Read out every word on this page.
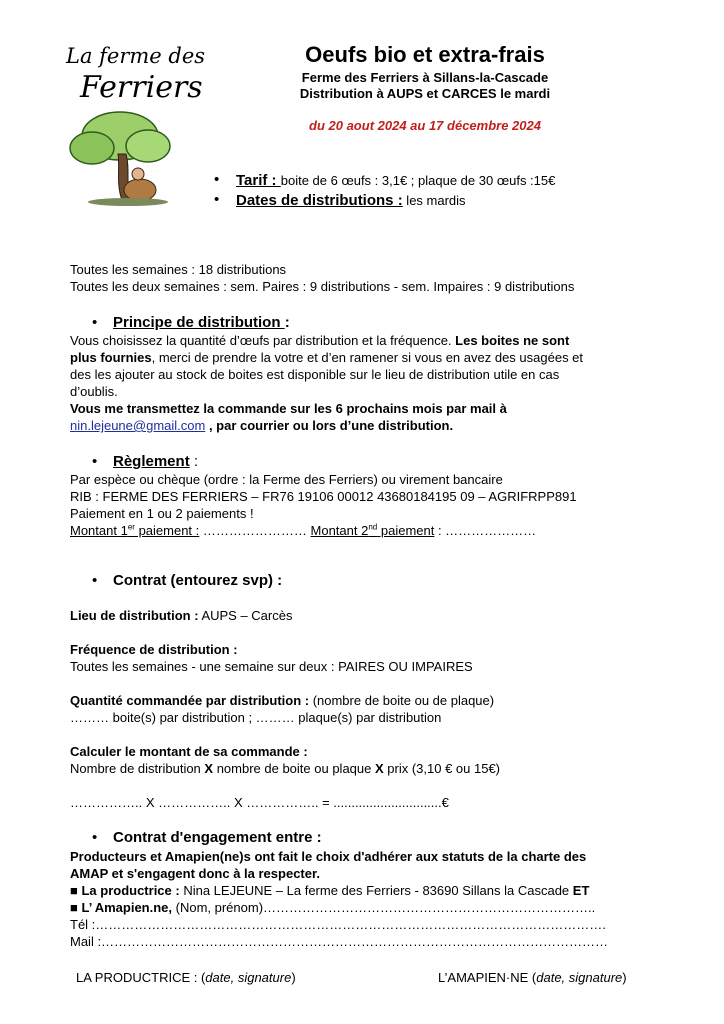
La ferme des
Ferriers
Oeufs bio et extra-frais
Ferme des Ferriers à Sillans-la-Cascade
Distribution à AUPS et CARCES le mardi
du 20 aout 2024 au 17 décembre 2024
• Tarif : boite de 6 œufs : 3,1€ ; plaque de 30 œufs :15€
• Dates de distributions : les mardis
Toutes les semaines : 18 distributions
Toutes les deux semaines : sem. Paires : 9 distributions - sem. Impaires : 9 distributions
• Principe de distribution :
Vous choisissez la quantité d’œufs par distribution et la fréquence. Les boites ne sont
plus fournies, merci de prendre la votre et d’en ramener si vous en avez des usagées et
des les ajouter au stock de boites est disponible sur le lieu de distribution utile en cas
d’oublis.
Vous me transmettez la commande sur les 6 prochains mois par mail à
nin.lejeune@gmail.com , par courrier ou lors d’une distribution.
• Règlement :
Par espèce ou chèque (ordre : la Ferme des Ferriers) ou virement bancaire
RIB : FERME DES FERRIERS – FR76 19106 00012 43680184195 09 – AGRIFRPP891
Paiement en 1 ou 2 paiements !
Montant 1er paiement : …………………… Montant 2nd paiement : …………………
• Contrat (entourez svp) :
Lieu de distribution : AUPS – Carcès
Fréquence de distribution :
Toutes les semaines - une semaine sur deux : PAIRES OU IMPAIRES
Quantité commandée par distribution : (nombre de boite ou de plaque)
……… boite(s) par distribution ; ……… plaque(s) par distribution
Calculer le montant de sa commande :
Nombre de distribution X nombre de boite ou plaque X prix (3,10 € ou 15€)
…………….. X …………….. X …………….. = ..............................€
• Contrat d'engagement entre :
Producteurs et Amapien(ne)s ont fait le choix d'adhérer aux statuts de la charte des
AMAP et s'engagent donc à la respecter.
■ La productrice : Nina LEJEUNE – La ferme des Ferriers - 83690 Sillans la Cascade ET
■ L’ Amapien.ne, (Nom, prénom)…………………………………………………………………..
Tél :……………………………………………………………………………………………………….
Mail :………………………………………………………………………………………………………
LA PRODUCTRICE : (date, signature)	L’AMAPIEN·NE (date, signature)
